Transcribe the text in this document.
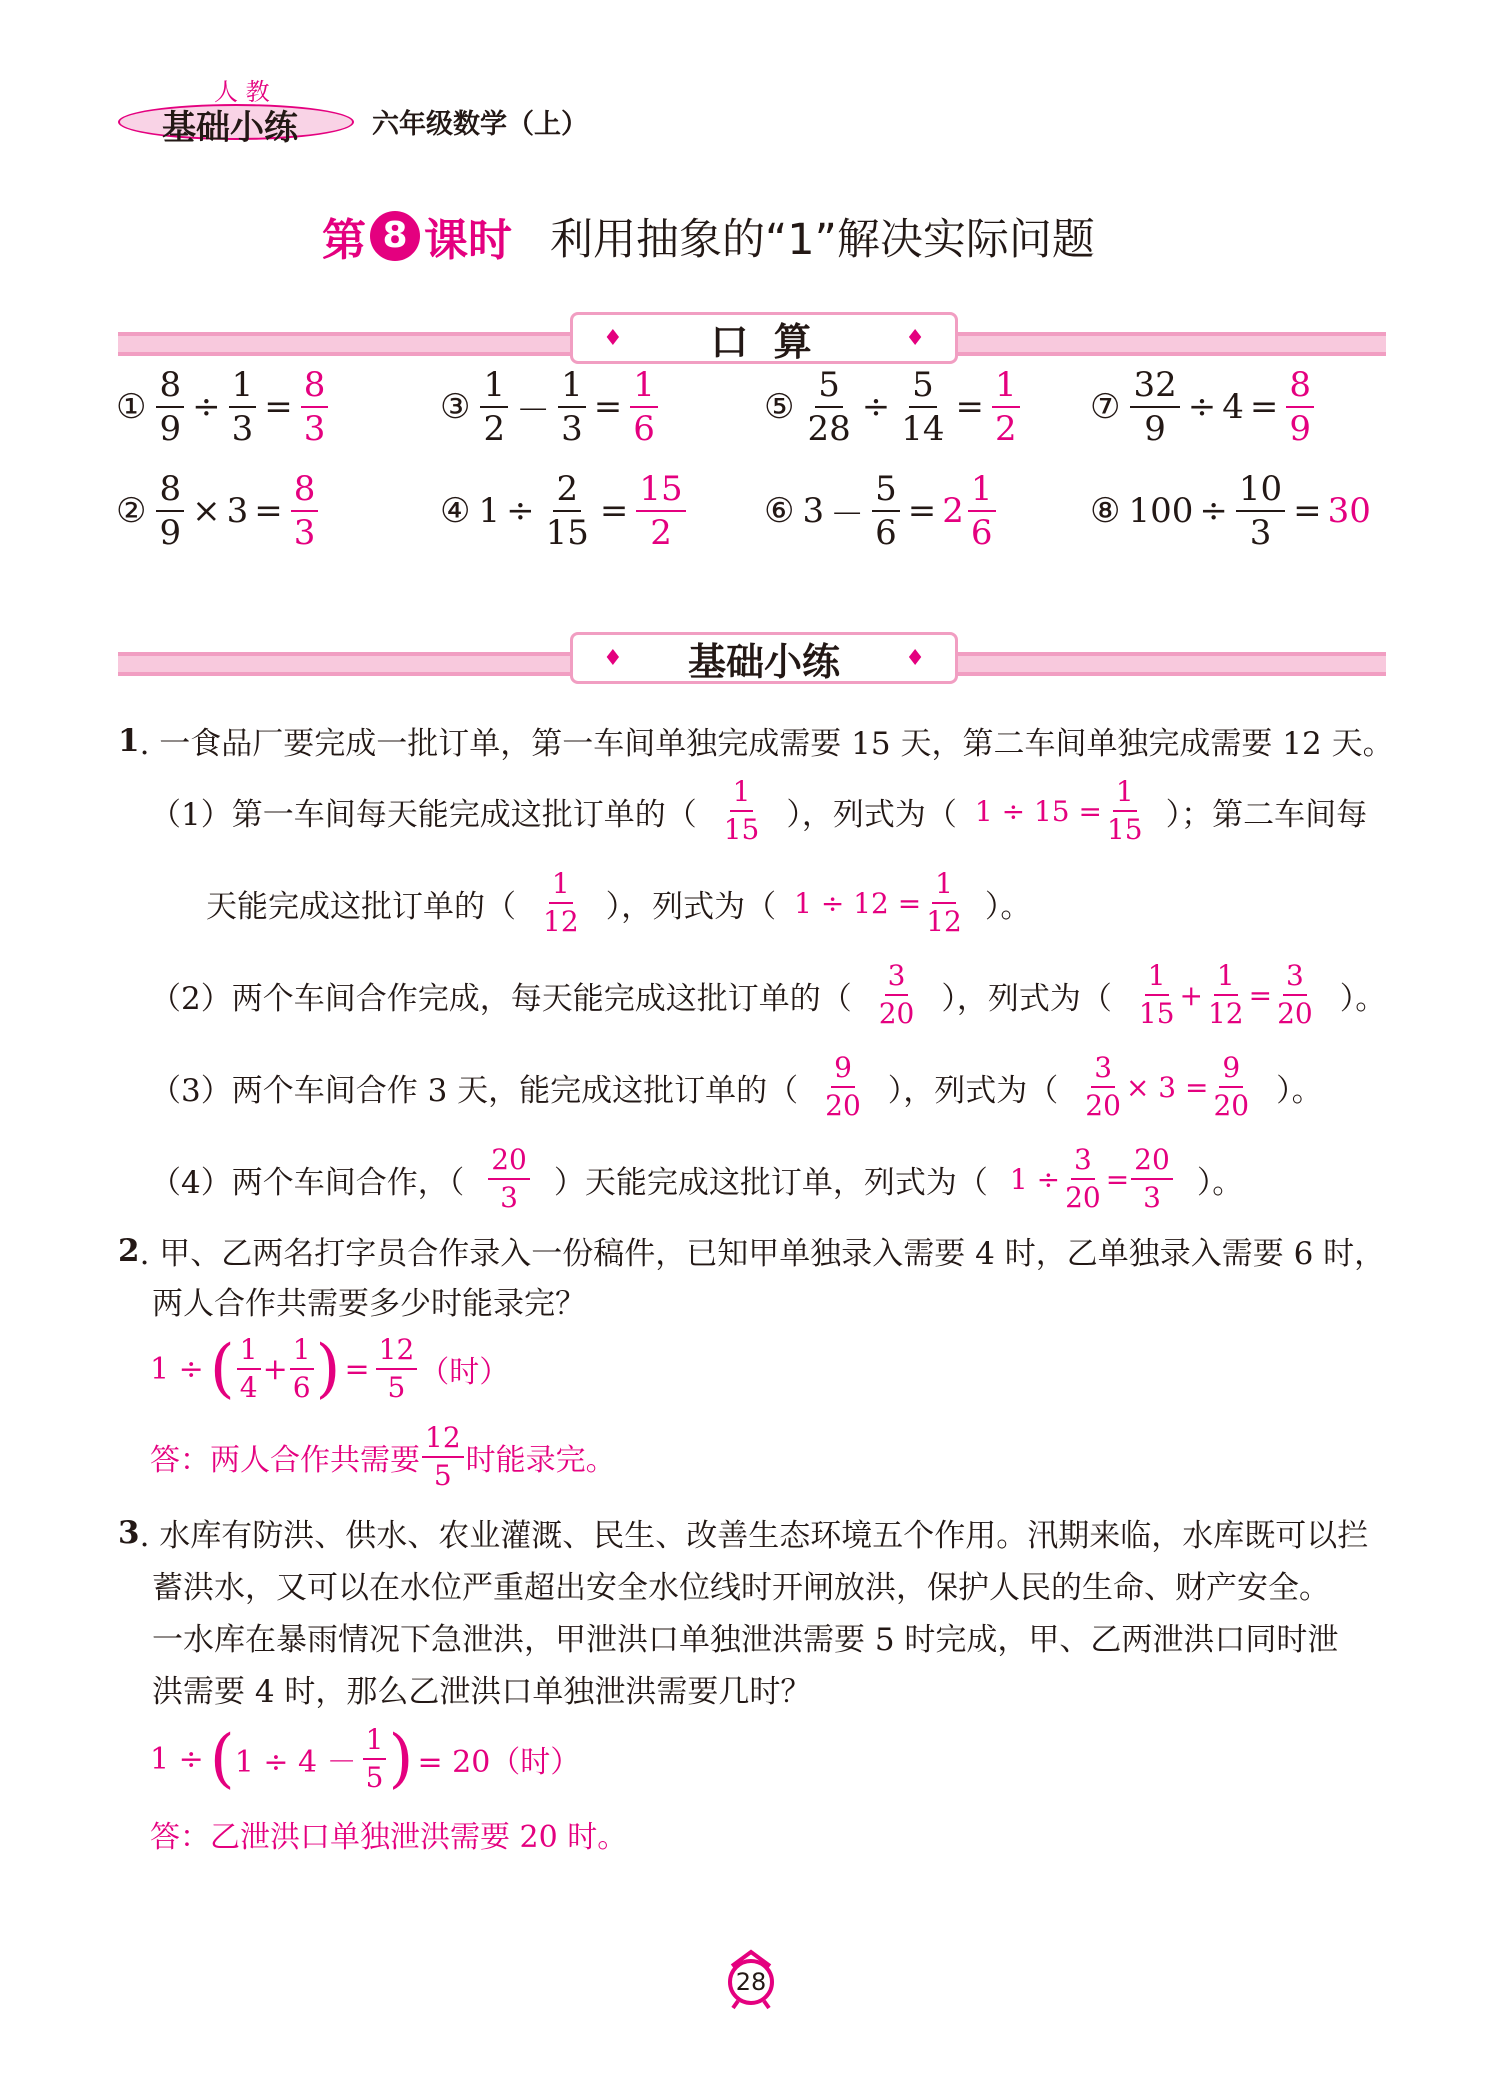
人 教
基础小练	六年级数学（上）
第 8 课时 利用抽象的“1”解决实际问题
♦ 口 算	♦
① $\frac{8}{9} \div \frac{1}{3} = \frac{8}{3}$	③ $\frac{1}{2} - \frac{1}{3} = \frac{1}{6}$	⑤ $\frac{5}{28} \div \frac{5}{14} = \frac{1}{2}$ ⑦ $\frac{32}{9} \div 4 = \frac{8}{9}$
② $\frac{8}{9} \times 3 = \frac{8}{3}$	④ $1 \div \frac{2}{15} = \frac{15}{2}$ ⑥ $3 - \frac{5}{6} = 2 \frac{1}{6}$	⑧ $100 \div \frac{10}{3} = 30$
♦ 基础小练	♦
1 . 一食品厂要完成一批订单，第一车间单独完成需要 15 天，第二车间单独完成需要 12 天。
（1）第一车间每天能完成这批订单的（ $\frac{1}{15}$ ），列式为（ $1 \div 15 = \frac{1}{15}$ ）；第二车间每
天能完成这批订单的（ $\frac{1}{12}$ ），列式为（ $1 \div 12 = \frac{1}{12}$ ）。
（2）两个车间合作完成，每天能完成这批订单的（ $\frac{3}{20}$ ），列式为（ $\frac{1}{15} + \frac{1}{12} = \frac{3}{20}$ ）。
（3）两个车间合作 3 天，能完成这批订单的（ $\frac{9}{20}$ ），列式为（ $\frac{3}{20} \times 3 = \frac{9}{20}$ ）。
（4）两个车间合作，（ $\frac{20}{3}$ ）天能完成这批订单，列式为（ $1 \div \frac{3}{20} = \frac{20}{3}$ ）。
2 . 甲、乙两名打字员合作录入一份稿件，已知甲单独录入需要 4 时，乙单独录入需要 6 时，
两人合作共需要多少时能录完？
1 ÷ ( $\frac{1}{4} + \frac{1}{6}$ ) = $\frac{12}{5}$ （时）
答：两人合作共需要 $\frac{12}{5}$ 时能录完。
3 . 水库有防洪、供水、农业灌溉、民生、改善生态环境五个作用。汛期来临，水库既可以拦
蓄洪水，又可以在水位严重超出安全水位线时开闸放洪，保护人民的生命、财产安全。
一水库在暴雨情况下急泄洪，甲泄洪口单独泄洪需要 5 时完成，甲、乙两泄洪口同时泄
洪需要 4 时，那么乙泄洪口单独泄洪需要几时？
1 ÷ ( $1 \div 4 - \frac{1}{5}$ ) = 20（时）
答：乙泄洪口单独泄洪需要 20 时。
28
